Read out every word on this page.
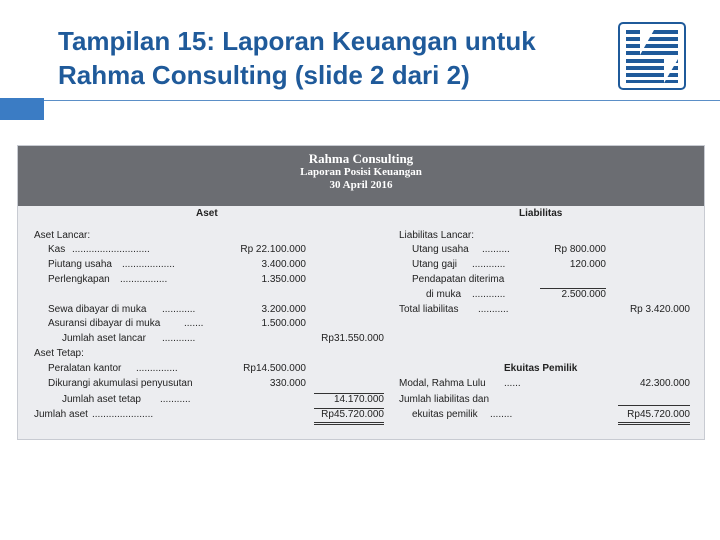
Tampilan 15: Laporan Keuangan untuk
Rahma Consulting (slide 2 dari 2)
Rahma Consulting
Laporan Posisi Keuangan
30 April 2016
Aset	Liabilitas
Aset Lancar:
Kas ............................	Rp 22.100.000
Piutang usaha ...................	3.400.000
Perlengkapan .................	1.350.000
Sewa dibayar di muka ............	3.200.000
Asuransi dibayar di muka .......	1.500.000
Jumlah aset lancar ............	Rp31.550.000
Aset Tetap:
Peralatan kantor ...............	Rp14.500.000
Dikurangi akumulasi penyusutan	330.000
Jumlah aset tetap ...........	14.170.000
Jumlah aset ......................	Rp45.720.000
Liabilitas Lancar:
Utang usaha ..........	Rp 800.000
Utang gaji ............	120.000
Pendapatan diterima
di muka ............	2.500.000
Total liabilitas ...........	Rp 3.420.000
Ekuitas Pemilik
Modal, Rahma Lulu ......	42.300.000
Jumlah liabilitas dan
ekuitas pemilik ........	Rp45.720.000
